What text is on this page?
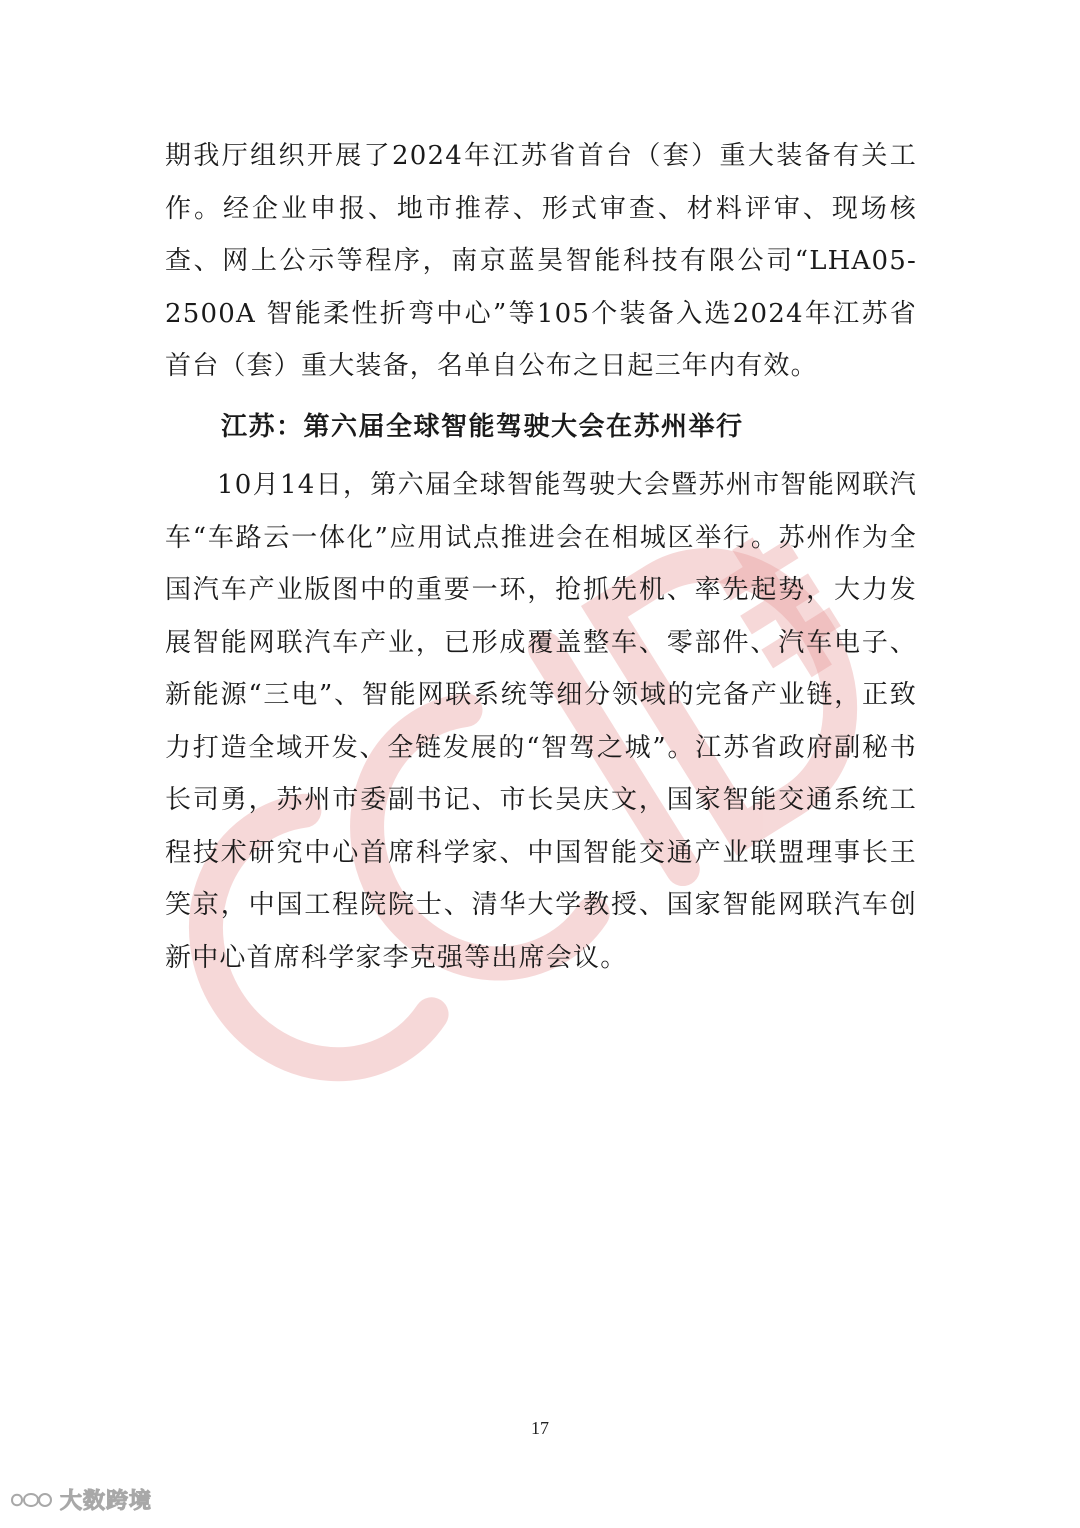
期我厅组织开展了2024年江苏省首台（套）重大装备有关工作。经企业申报、地市推荐、形式审查、材料评审、现场核查、网上公示等程序，南京蓝昊智能科技有限公司“LHA05-2500A 智能柔性折弯中心”等105个装备入选2024年江苏省首台（套）重大装备，名单自公布之日起三年内有效。

江苏：第六届全球智能驾驶大会在苏州举行

10月14日，第六届全球智能驾驶大会暨苏州市智能网联汽车“车路云一体化”应用试点推进会在相城区举行。苏州作为全国汽车产业版图中的重要一环，抢抓先机、率先起势，大力发展智能网联汽车产业，已形成覆盖整车、零部件、汽车电子、新能源“三电”、智能网联系统等细分领域的完备产业链，正致力打造全域开发、全链发展的“智驾之城”。江苏省政府副秘书长司勇，苏州市委副书记、市长吴庆文，国家智能交通系统工程技术研究中心首席科学家、中国智能交通产业联盟理事长王笑京，中国工程院院士、清华大学教授、国家智能网联汽车创新中心首席科学家李克强等出席会议。

17
大数跨境
